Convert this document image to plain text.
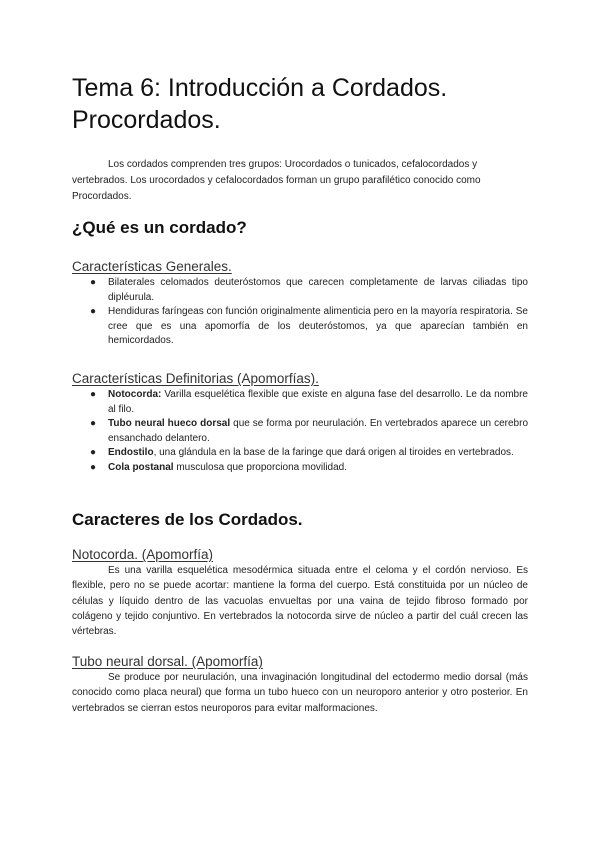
Tema 6: Introducción a Cordados. Procordados.

Los cordados comprenden tres grupos: Urocordados o tunicados, cefalocordados y vertebrados. Los urocordados y cefalocordados forman un grupo parafilético conocido como Procordados.

¿Qué es un cordado?
Características Generales.
● Bilaterales celomados deuteróstomos que carecen completamente de larvas ciliadas tipo dipléurula.
● Hendiduras faríngeas con función originalmente alimenticia pero en la mayoría respiratoria. Se cree que es una apomorfía de los deuteróstomos, ya que aparecían también en hemicordados.
Características Definitorias (Apomorfías).
● Notocorda: Varilla esquelética flexible que existe en alguna fase del desarrollo. Le da nombre al filo.
● Tubo neural hueco dorsal que se forma por neurulación. En vertebrados aparece un cerebro ensanchado delantero.
● Endostilo, una glándula en la base de la faringe que dará origen al tiroides en vertebrados.
● Cola postanal musculosa que proporciona movilidad.
Caracteres de los Cordados.
Notocorda. (Apomorfía)

Es una varilla esquelética mesodérmica situada entre el celoma y el cordón nervioso. Es flexible, pero no se puede acortar: mantiene la forma del cuerpo. Está constituida por un núcleo de células y líquido dentro de las vacuolas envueltas por una vaina de tejido fibroso formado por colágeno y tejido conjuntivo. En vertebrados la notocorda sirve de núcleo a partir del cuál crecen las vértebras.

Tubo neural dorsal. (Apomorfía)

Se produce por neurulación, una invaginación longitudinal del ectodermo medio dorsal (más conocido como placa neural) que forma un tubo hueco con un neuroporo anterior y otro posterior. En vertebrados se cierran estos neuroporos para evitar malformaciones.
